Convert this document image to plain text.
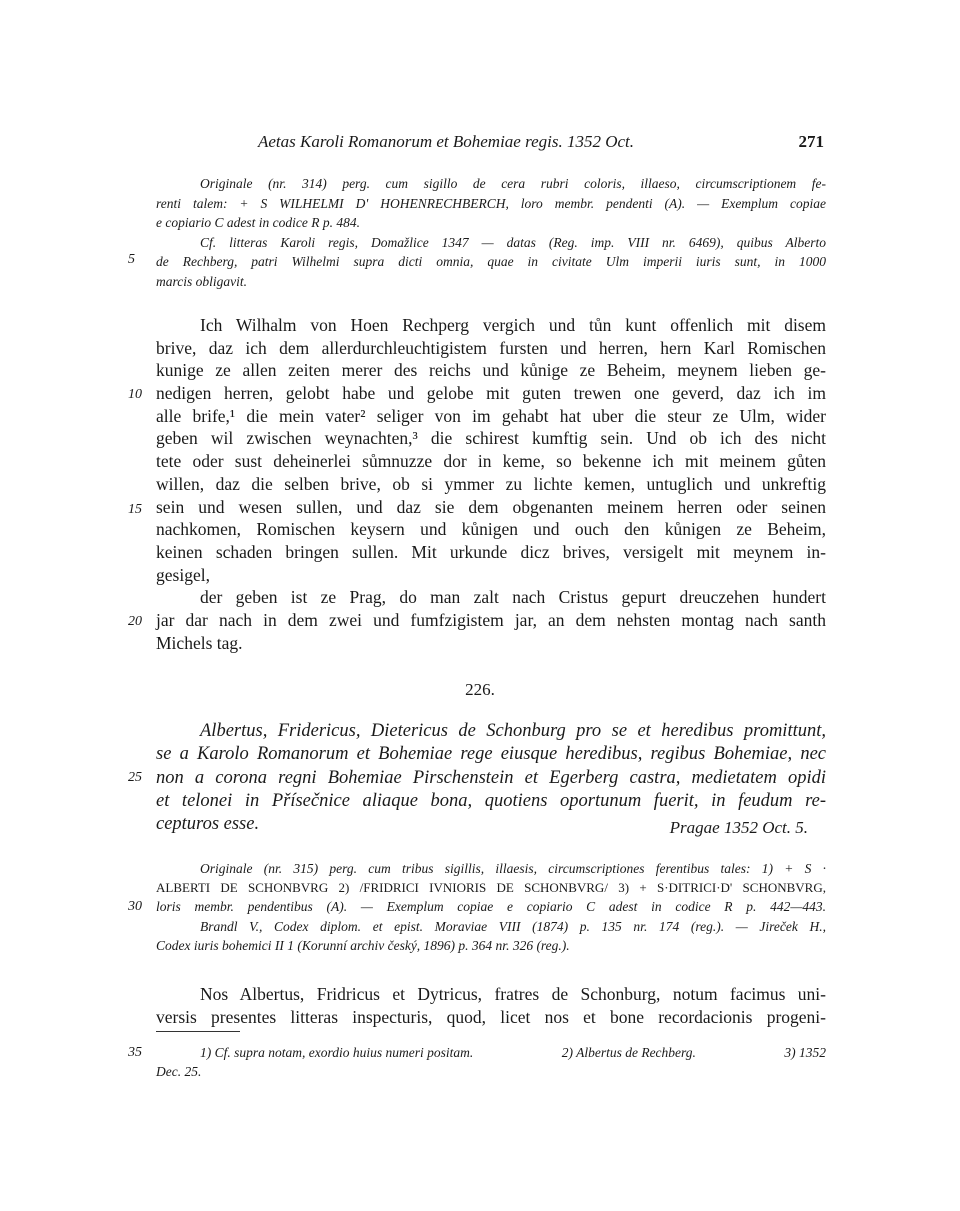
Aetas Karoli Romanorum et Bohemiae regis. 1352 Oct.	271
Originale (nr. 314) perg. cum sigillo de cera rubri coloris, illaeso, circumscriptionem fe-
renti talem: + S WILHELMI D' HOHENRECHBERCH, loro membr. pendenti (A). — Exemplum copiae
e copiario C adest in codice R p. 484.
Cf. litteras Karoli regis, Domažlice 1347 — datas (Reg. imp. VIII nr. 6469), quibus Alberto
de Rechberg, patri Wilhelmi supra dicti omnia, quae in civitate Ulm imperii iuris sunt, in 1000
marcis obligavit.
5
10
15
20
25
30
35
Ich Wilhalm von Hoen Rechperg vergich und tůn kunt offenlich mit disem
brive, daz ich dem allerdurchleuchtigistem fursten und herren, hern Karl Romischen
kunige ze allen zeiten merer des reichs und kůnige ze Beheim, meynem lieben ge-
nedigen herren, gelobt habe und gelobe mit guten trewen one geverd, daz ich im
alle brife,¹ die mein vater² seliger von im gehabt hat uber die steur ze Ulm, wider
geben wil zwischen weynachten,³ die schirest kumftig sein. Und ob ich des nicht
tete oder sust deheinerlei sůmnuzze dor in keme, so bekenne ich mit meinem gůten
willen, daz die selben brive, ob si ymmer zu lichte kemen, untuglich und unkreftig
sein und wesen sullen, und daz sie dem obgenanten meinem herren oder seinen
nachkomen, Romischen keysern und kůnigen und ouch den kůnigen ze Beheim,
keinen schaden bringen sullen. Mit urkunde dicz brives, versigelt mit meynem in-
gesigel,
der geben ist ze Prag, do man zalt nach Cristus gepurt dreuczehen hundert
jar dar nach in dem zwei und fumfzigistem jar, an dem nehsten montag nach santh
Michels tag.
226.
Albertus, Fridericus, Dietericus de Schonburg pro se et heredibus promittunt,
se a Karolo Romanorum et Bohemiae rege eiusque heredibus, regibus Bohemiae, nec
non a corona regni Bohemiae Pirschenstein et Egerberg castra, medietatem opidi
et telonei in Přísečnice aliaque bona, quotiens oportunum fuerit, in feudum re-
cepturos esse.	Pragae 1352 Oct. 5.
Originale (nr. 315) perg. cum tribus sigillis, illaesis, circumscriptiones ferentibus tales: 1) + S ·
ALBERTI DE SCHONBVRG 2) /FRIDRICI IVNIORIS DE SCHONBVRG/ 3) + S·DITRICI·D' SCHONBVRG,
loris membr. pendentibus (A). — Exemplum copiae e copiario C adest in codice R p. 442—443.
Brandl V., Codex diplom. et epist. Moraviae VIII (1874) p. 135 nr. 174 (reg.). — Jireček H.,
Codex iuris bohemici II 1 (Korunní archiv český, 1896) p. 364 nr. 326 (reg.).
Nos Albertus, Fridricus et Dytricus, fratres de Schonburg, notum facimus uni-
versis presentes litteras inspecturis, quod, licet nos et bone recordacionis progeni-
1) Cf. supra notam, exordio huius numeri positam.	2) Albertus de Rechberg.	3) 1352
Dec. 25.
